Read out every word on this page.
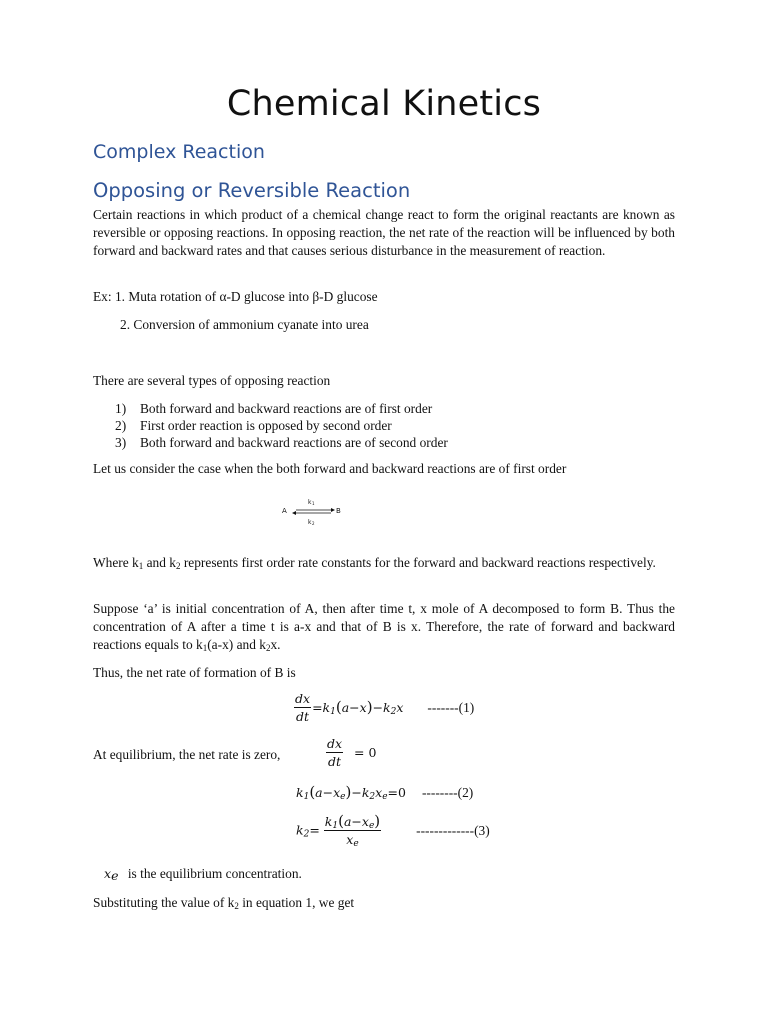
Chemical Kinetics
Complex Reaction
Opposing or Reversible Reaction
Certain reactions in which product of a chemical change react to form the original reactants are known as reversible or opposing reactions. In opposing reaction, the net rate of the reaction will be influenced by both forward and backward rates and that causes serious disturbance in the measurement of reaction.
Ex: 1. Muta rotation of α-D glucose into β-D glucose
2. Conversion of ammonium cyanate into urea
There are several types of opposing reaction
1) Both forward and backward reactions are of first order
2) First order reaction is opposed by second order
3) Both forward and backward reactions are of second order
Let us consider the case when the both forward and backward reactions are of first order
A	B
k 1
k 2
Where $k_1$ and $k_2$ represents first order rate constants for the forward and backward reactions respectively.
Suppose ‘a’ is initial concentration of A, then after time t, x mole of A decomposed to form B. Thus the concentration of A after a time t is a-x and that of B is x. Therefore, the rate of forward and backward reactions equals to $k_1(a-x)$ and $k_2x$.
Thus, the net rate of formation of B is
$\frac{dx}{dt} =k_1(a-x)-k_2x$ -------(1)
At equilibrium, the net rate is zero,	$\frac{dx}{dt} = 0$
$k_1(a-x_e)-k_2x_e=0$ --------(2)
$k_2= \frac{k_1(a-x_e)}{x_e}$	-------------(3)
$x_e$ is the equilibrium concentration.
Substituting the value of $k_2$ in equation 1, we get
